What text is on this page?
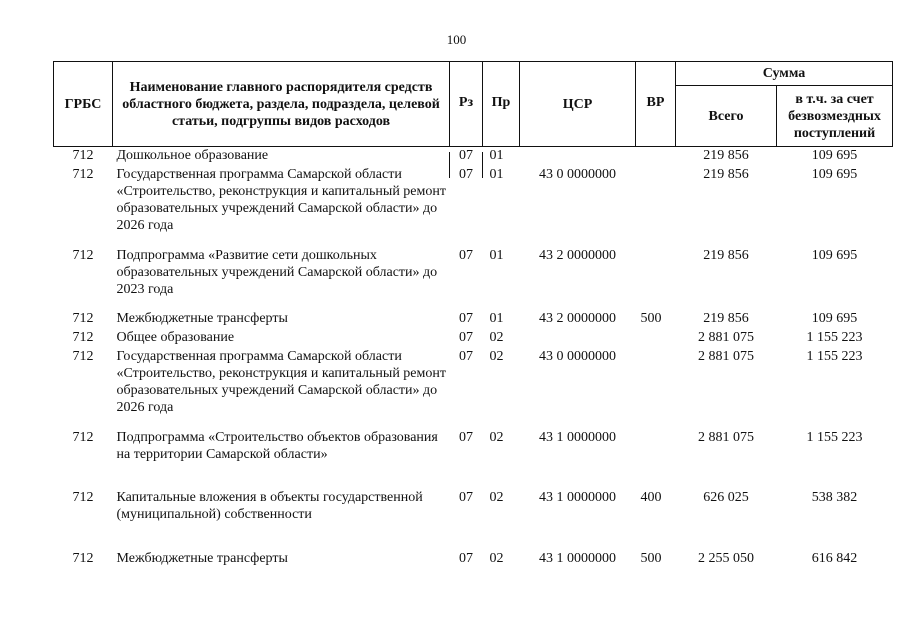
100
ГРБС	Наименование главного распорядителя средств областного бюджета, раздела, подраздела, целевой статьи, подгруппы видов расходов	Рз	Пр	ЦСР	ВР	Сумма	
						Всего	в т.ч. за счет безвозмездных поступлений
712	Дошкольное образование	07	01			219 856	109 695
712	Государственная программа Самарской области «Строительство, реконструкция и капитальный ремонт образовательных учреждений Самарской области» до 2026 года	07	01	43 0 0000000		219 856	109 695
712	Подпрограмма «Развитие сети дошкольных образовательных учреждений Самарской области» до 2023 года	07	01	43 2 0000000		219 856	109 695
712	Межбюджетные трансферты	07	01	43 2 0000000	500	219 856	109 695
712	Общее образование	07	02			2 881 075	1 155 223
712	Государственная программа Самарской области «Строительство, реконструкция и капитальный ремонт образовательных учреждений Самарской области» до 2026 года	07	02	43 0 0000000		2 881 075	1 155 223
712	Подпрограмма «Строительство объектов образования на территории Самарской области»	07	02	43 1 0000000		2 881 075	1 155 223
712	Капитальные вложения в объекты государственной (муниципальной) собственности	07	02	43 1 0000000	400	626 025	538 382
712	Межбюджетные трансферты	07	02	43 1 0000000	500	2 255 050	616 842
